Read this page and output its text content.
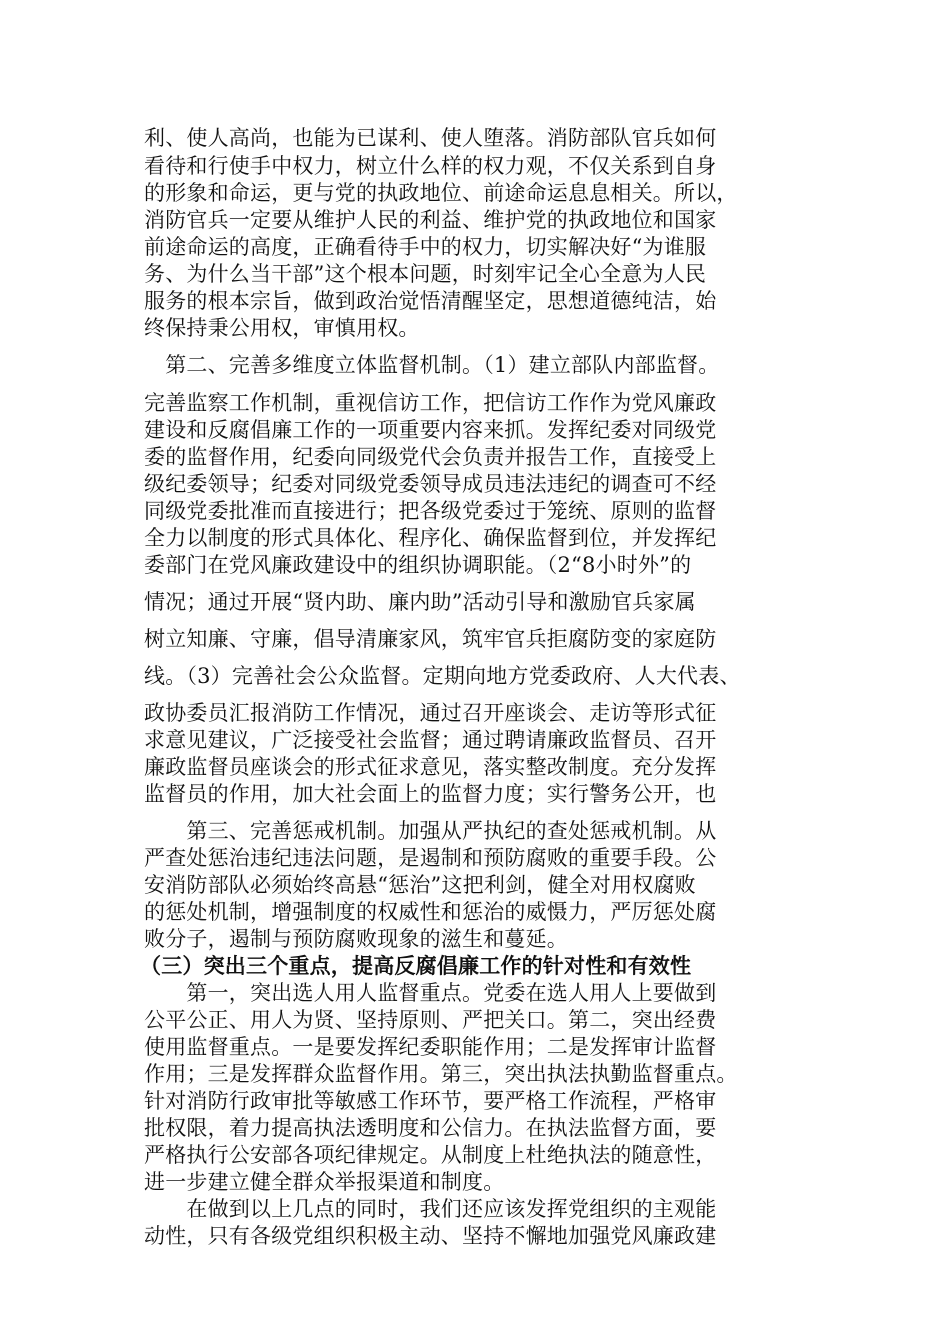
利、使人高尚，也能为已谋利、使人堕落。消防部队官兵如何
看待和行使手中权力，树立什么样的权力观，不仅关系到自身
的形象和命运，更与党的执政地位、前途命运息息相关。所以，
消防官兵一定要从维护人民的利益、维护党的执政地位和国家
前途命运的高度，正确看待手中的权力，切实解决好“为谁服
务、为什么当干部”这个根本问题，时刻牢记全心全意为人民
服务的根本宗旨，做到政治觉悟清醒坚定，思想道德纯洁，始
终保持秉公用权，审慎用权。
　第二、完善多维度立体监督机制。（1）建立部队内部监督。
完善监察工作机制，重视信访工作，把信访工作作为党风廉政
建设和反腐倡廉工作的一项重要内容来抓。发挥纪委对同级党
委的监督作用，纪委向同级党代会负责并报告工作，直接受上
级纪委领导；纪委对同级党委领导成员违法违纪的调查可不经
同级党委批准而直接进行；把各级党委过于笼统、原则的监督
全力以制度的形式具体化、程序化、确保监督到位，并发挥纪
委部门在党风廉政建设中的组织协调职能。（2“8小时外”的
情况；通过开展“贤内助、廉内助”活动引导和激励官兵家属
树立知廉、守廉，倡导清廉家风，筑牢官兵拒腐防变的家庭防
线。（3）完善社会公众监督。定期向地方党委政府、人大代表、
政协委员汇报消防工作情况，通过召开座谈会、走访等形式征
求意见建议，广泛接受社会监督；通过聘请廉政监督员、召开
廉政监督员座谈会的形式征求意见，落实整改制度。充分发挥
监督员的作用，加大社会面上的监督力度；实行警务公开，也
　　第三、完善惩戒机制。加强从严执纪的查处惩戒机制。从
严查处惩治违纪违法问题，是遏制和预防腐败的重要手段。公
安消防部队必须始终高悬“惩治”这把利剑，健全对用权腐败
的惩处机制，增强制度的权威性和惩治的威慑力，严厉惩处腐
败分子，遏制与预防腐败现象的滋生和蔓延。
（三）突出三个重点，提高反腐倡廉工作的针对性和有效性
　　第一，突出选人用人监督重点。党委在选人用人上要做到
公平公正、用人为贤、坚持原则、严把关口。第二，突出经费
使用监督重点。一是要发挥纪委职能作用；二是发挥审计监督
作用；三是发挥群众监督作用。第三，突出执法执勤监督重点。
针对消防行政审批等敏感工作环节，要严格工作流程，严格审
批权限，着力提高执法透明度和公信力。在执法监督方面，要
严格执行公安部各项纪律规定。从制度上杜绝执法的随意性，
进一步建立健全群众举报渠道和制度。
　　在做到以上几点的同时，我们还应该发挥党组织的主观能
动性，只有各级党组织积极主动、坚持不懈地加强党风廉政建
